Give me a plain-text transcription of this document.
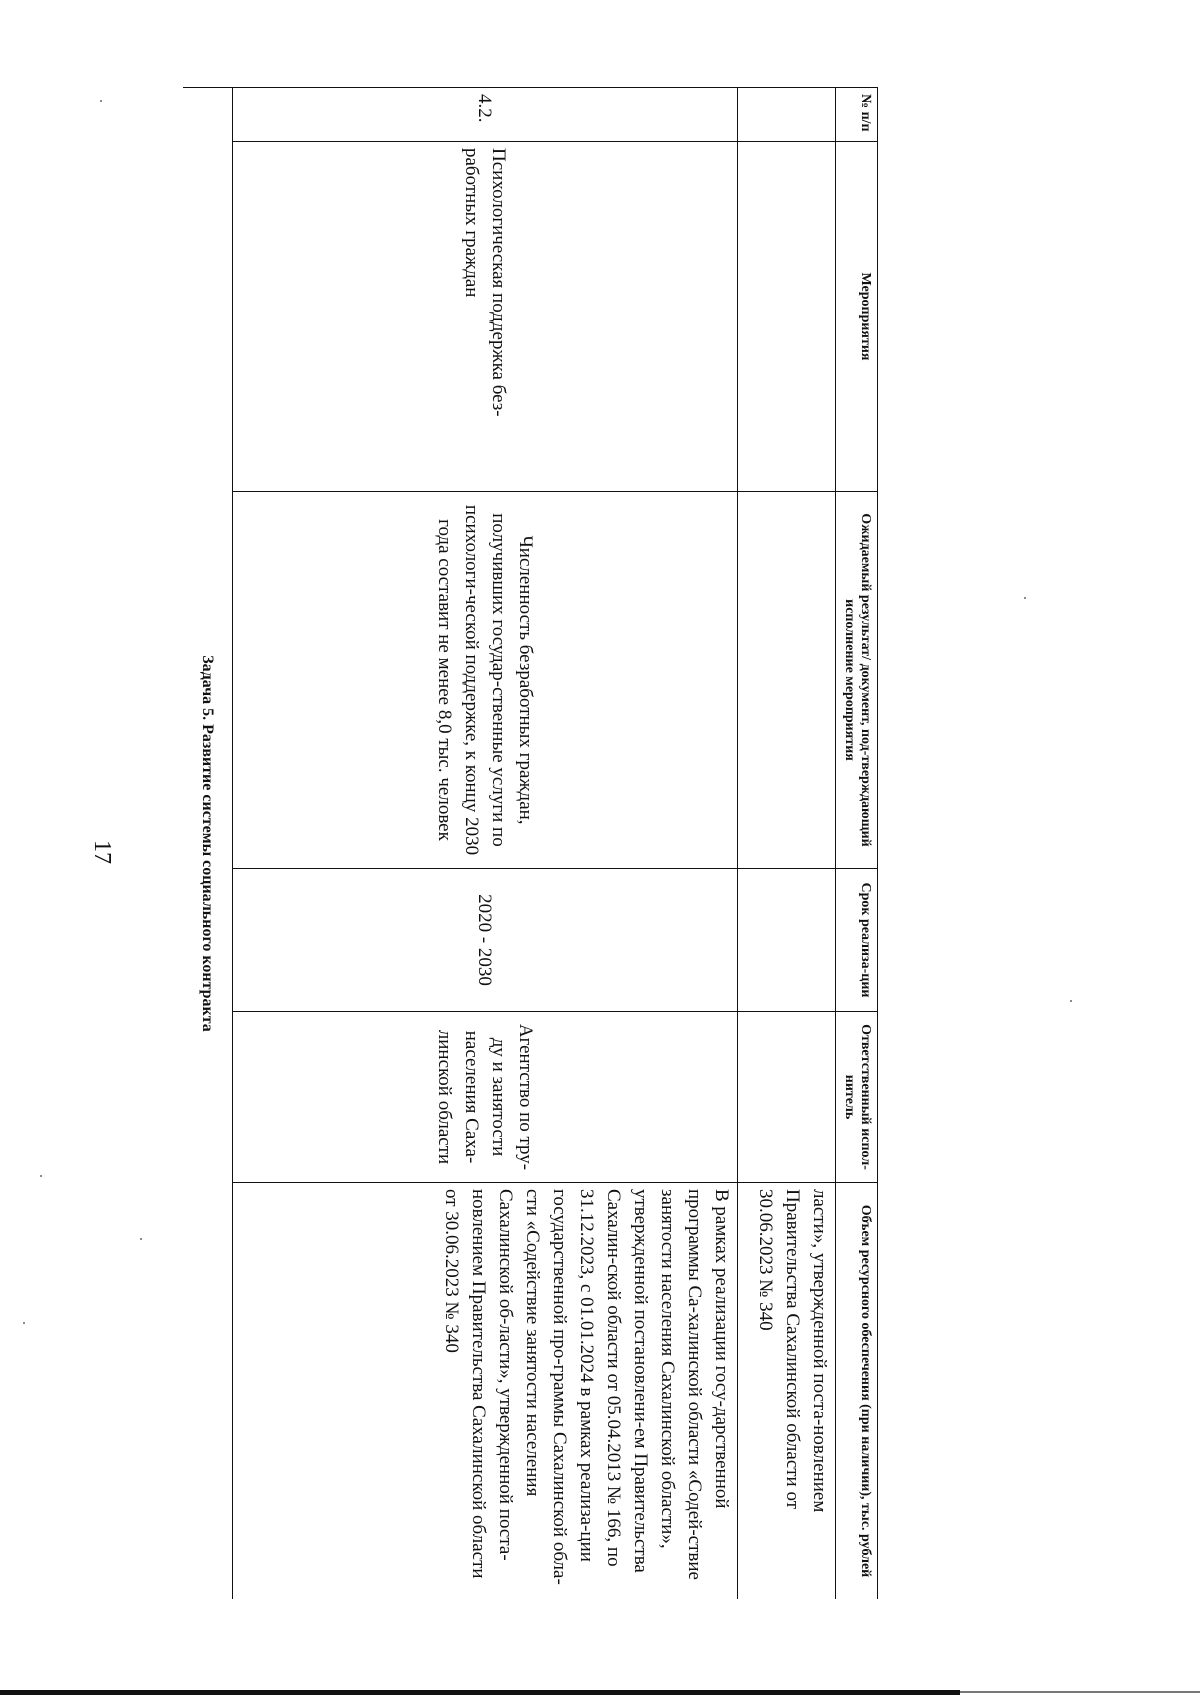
17
№ п/п	Мероприятия	Ожидаемый результат/ документ, под-тверждающий исполнение мероприятия	Срок реализа-ции	Ответственный испол-нитель	Объем ресурсного обеспечения (при наличии), тыс. рублей
					ласти», утвержденной поста-новлением Правительства Сахалинской области от 30.06.2023 № 340
4.2.	Психологическая поддержка без-работных граждан	Численность безработных граждан, получивших государ-ственные услуги по психологи-ческой поддержке, к концу 2030 года составит не менее 8,0 тыс. человек	2020 - 2030	Агентство по тру-ду и занятости населения Саха-линской области	В рамках реализации госу-дарственной программы Са-халинской области «Содей-ствие занятости населения Сахалинской области», утвержденной постановлени-ем Правительства Сахалин-ской области от 05.04.2013 № 166, по 31.12.2023, с 01.01.2024 в рамках реализа-ции государственной про-граммы Сахалинской обла-сти «Содействие занятости населения Сахалинской об-ласти», утвержденной поста-новлением Правительства Сахалинской области от 30.06.2023 № 340
Задача 5. Развитие системы социального контракта					
